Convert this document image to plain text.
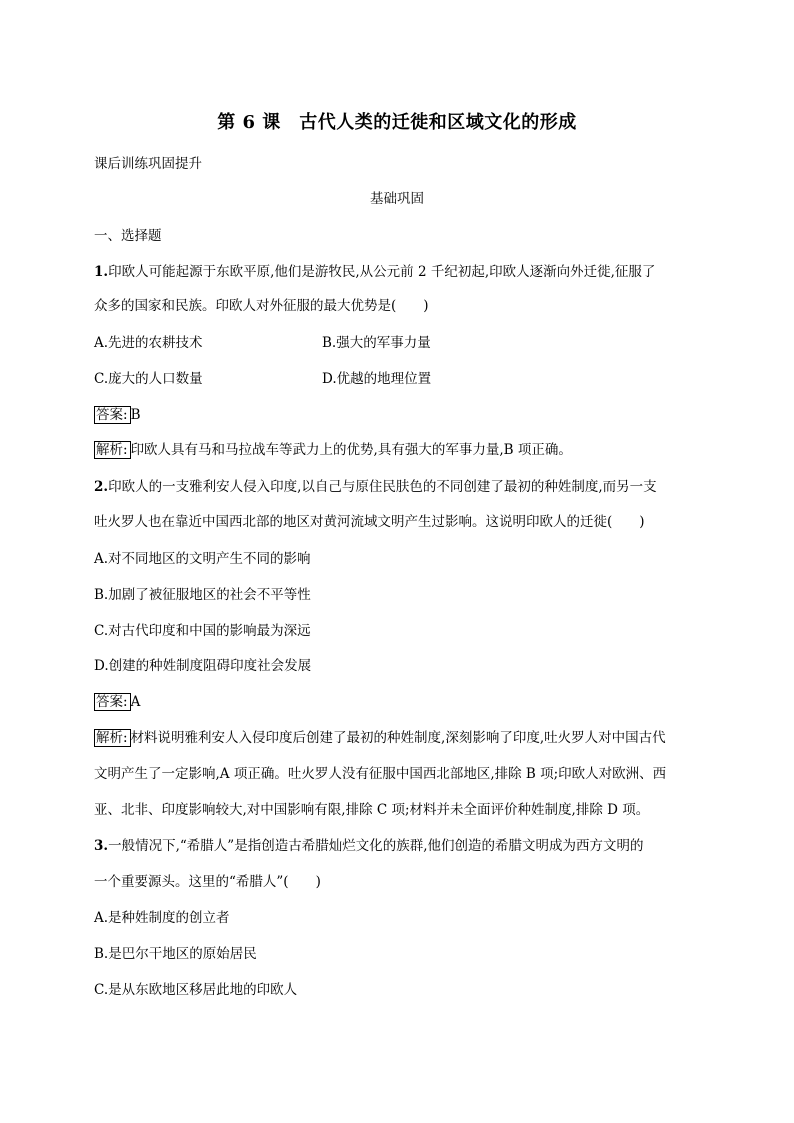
第 6 课　古代人类的迁徙和区域文化的形成
课后训练巩固提升
基础巩固
一、选择题
1.印欧人可能起源于东欧平原,他们是游牧民,从公元前 2 千纪初起,印欧人逐渐向外迁徙,征服了
众多的国家和民族。印欧人对外征服的最大优势是(　　)
A.先进的农耕技术	B.强大的军事力量
C.庞大的人口数量	D.优越的地理位置
答案: B
解析: 印欧人具有马和马拉战车等武力上的优势,具有强大的军事力量,B 项正确。
2.印欧人的一支雅利安人侵入印度,以自己与原住民肤色的不同创建了最初的种姓制度,而另一支
吐火罗人也在靠近中国西北部的地区对黄河流域文明产生过影响。这说明印欧人的迁徙(　　)
A.对不同地区的文明产生不同的影响
B.加剧了被征服地区的社会不平等性
C.对古代印度和中国的影响最为深远
D.创建的种姓制度阻碍印度社会发展
答案: A
解析: 材料说明雅利安人入侵印度后创建了最初的种姓制度,深刻影响了印度,吐火罗人对中国古代
文明产生了一定影响,A 项正确。吐火罗人没有征服中国西北部地区,排除 B 项;印欧人对欧洲、西
亚、北非、印度影响较大,对中国影响有限,排除 C 项;材料并未全面评价种姓制度,排除 D 项。
3.一般情况下,“希腊人”是指创造古希腊灿烂文化的族群,他们创造的希腊文明成为西方文明的
一个重要源头。这里的“希腊人”(　　)
A.是种姓制度的创立者
B.是巴尔干地区的原始居民
C.是从东欧地区移居此地的印欧人
